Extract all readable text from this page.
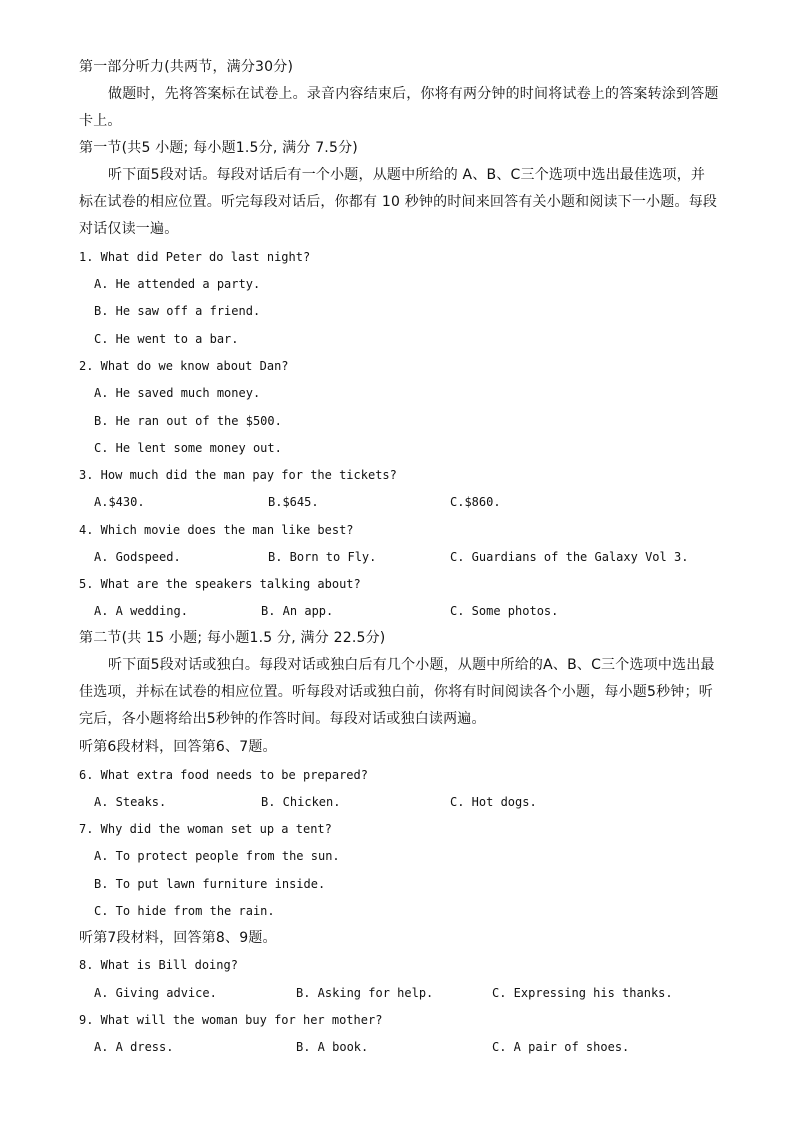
第一部分听力(共两节，满分30分)
做题时，先将答案标在试卷上。录音内容结束后，你将有两分钟的时间将试卷上的答案转涂到答题
卡上。
第一节(共5 小题; 每小题1.5分, 满分 7.5分)
听下面5段对话。每段对话后有一个小题，从题中所给的 A、B、C三个选项中选出最佳选项，并
标在试卷的相应位置。听完每段对话后，你都有 10 秒钟的时间来回答有关小题和阅读下一小题。每段
对话仅读一遍。
1. What did Peter do last night?
A. He attended a party.
B. He saw off a friend.
C. He went to a bar.
2. What do we know about Dan?
A. He saved much money.
B. He ran out of the $500.
C. He lent some money out.
3. How much did the man pay for the tickets?
A.$430.	B.$645.	C.$860.
4. Which movie does the man like best?
A. Godspeed.	B. Born to Fly.	C. Guardians of the Galaxy Vol 3.
5. What are the speakers talking about?
A. A wedding.	B. An app.	C. Some photos.
第二节(共 15 小题; 每小题1.5 分, 满分 22.5分)
听下面5段对话或独白。每段对话或独白后有几个小题，从题中所给的A、B、C三个选项中选出最
佳选项，并标在试卷的相应位置。听每段对话或独白前，你将有时间阅读各个小题，每小题5秒钟；听
完后，各小题将给出5秒钟的作答时间。每段对话或独白读两遍。
听第6段材料，回答第6、7题。
6. What extra food needs to be prepared?
A. Steaks.	B. Chicken.	C. Hot dogs.
7. Why did the woman set up a tent?
A. To protect people from the sun.
B. To put lawn furniture inside.
C. To hide from the rain.
听第7段材料，回答第8、9题。
8. What is Bill doing?
A. Giving advice.	B. Asking for help.	C. Expressing his thanks.
9. What will the woman buy for her mother?
A. A dress.	B. A book.	C. A pair of shoes.
